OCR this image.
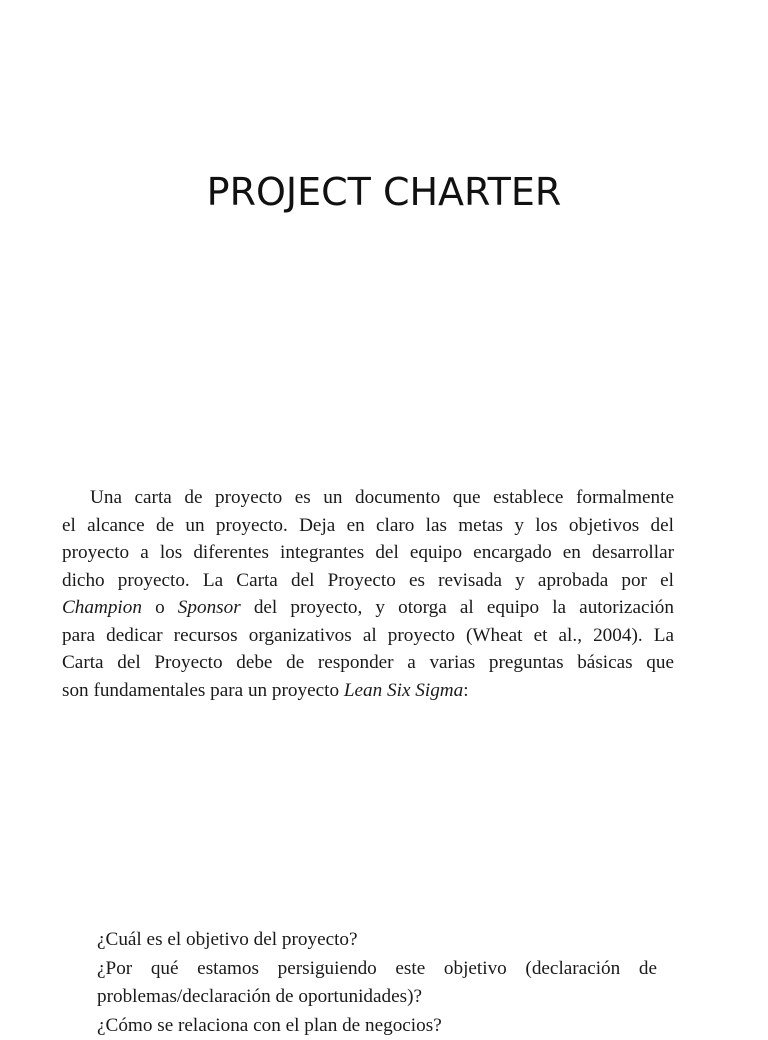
PROJECT CHARTER
Una carta de proyecto es un documento que establece formalmente
el alcance de un proyecto. Deja en claro las metas y los objetivos del
proyecto a los diferentes integrantes del equipo encargado en desarrollar
dicho proyecto. La Carta del Proyecto es revisada y aprobada por el
Champion o Sponsor del proyecto, y otorga al equipo la autorización
para dedicar recursos organizativos al proyecto (Wheat et al., 2004). La
Carta del Proyecto debe de responder a varias preguntas básicas que
son fundamentales para un proyecto Lean Six Sigma:
¿Cuál es el objetivo del proyecto?
¿Por qué estamos persiguiendo este objetivo (declaración de
problemas/declaración de oportunidades)?
¿Cómo se relaciona con el plan de negocios?
